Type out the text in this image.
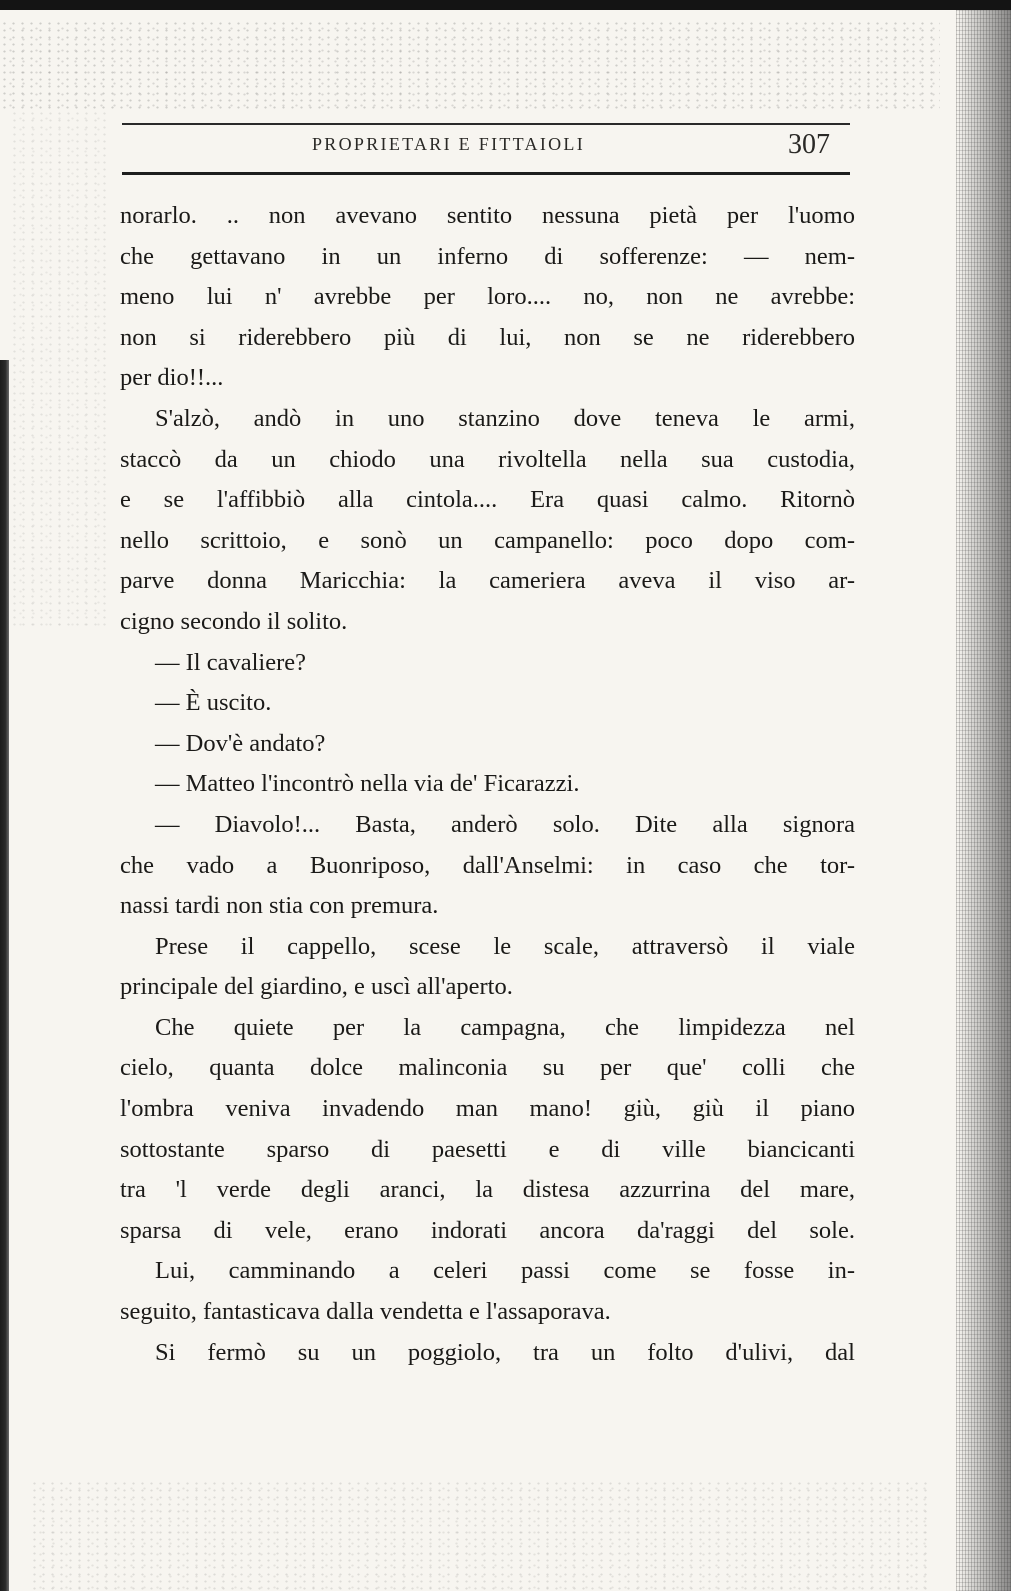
PROPRIETARI E FITTAIOLI	307
norarlo. .. non avevano sentito nessuna pietà per l'uomo
che gettavano in un inferno di sofferenze: — nem-
meno lui n' avrebbe per loro.... no, non ne avrebbe:
non si riderebbero più di lui, non se ne riderebbero
per dio!!...
S'alzò, andò in uno stanzino dove teneva le armi,
staccò da un chiodo una rivoltella nella sua custodia,
e se l'affibbiò alla cintola.... Era quasi calmo. Ritornò
nello scrittoio, e sonò un campanello: poco dopo com-
parve donna Maricchia: la cameriera aveva il viso ar-
cigno secondo il solito.
— Il cavaliere?
— È uscito.
— Dov'è andato?
— Matteo l'incontrò nella via de' Ficarazzi.
— Diavolo!... Basta, anderò solo. Dite alla signora
che vado a Buonriposo, dall'Anselmi: in caso che tor-
nassi tardi non stia con premura.
Prese il cappello, scese le scale, attraversò il viale
principale del giardino, e uscì all'aperto.
Che quiete per la campagna, che limpidezza nel
cielo, quanta dolce malinconia su per que' colli che
l'ombra veniva invadendo man mano! giù, giù il piano
sottostante sparso di paesetti e di ville biancicanti
tra 'l verde degli aranci, la distesa azzurrina del mare,
sparsa di vele, erano indorati ancora da'raggi del sole.
Lui, camminando a celeri passi come se fosse in-
seguito, fantasticava dalla vendetta e l'assaporava.
Si fermò su un poggiolo, tra un folto d'ulivi, dal
